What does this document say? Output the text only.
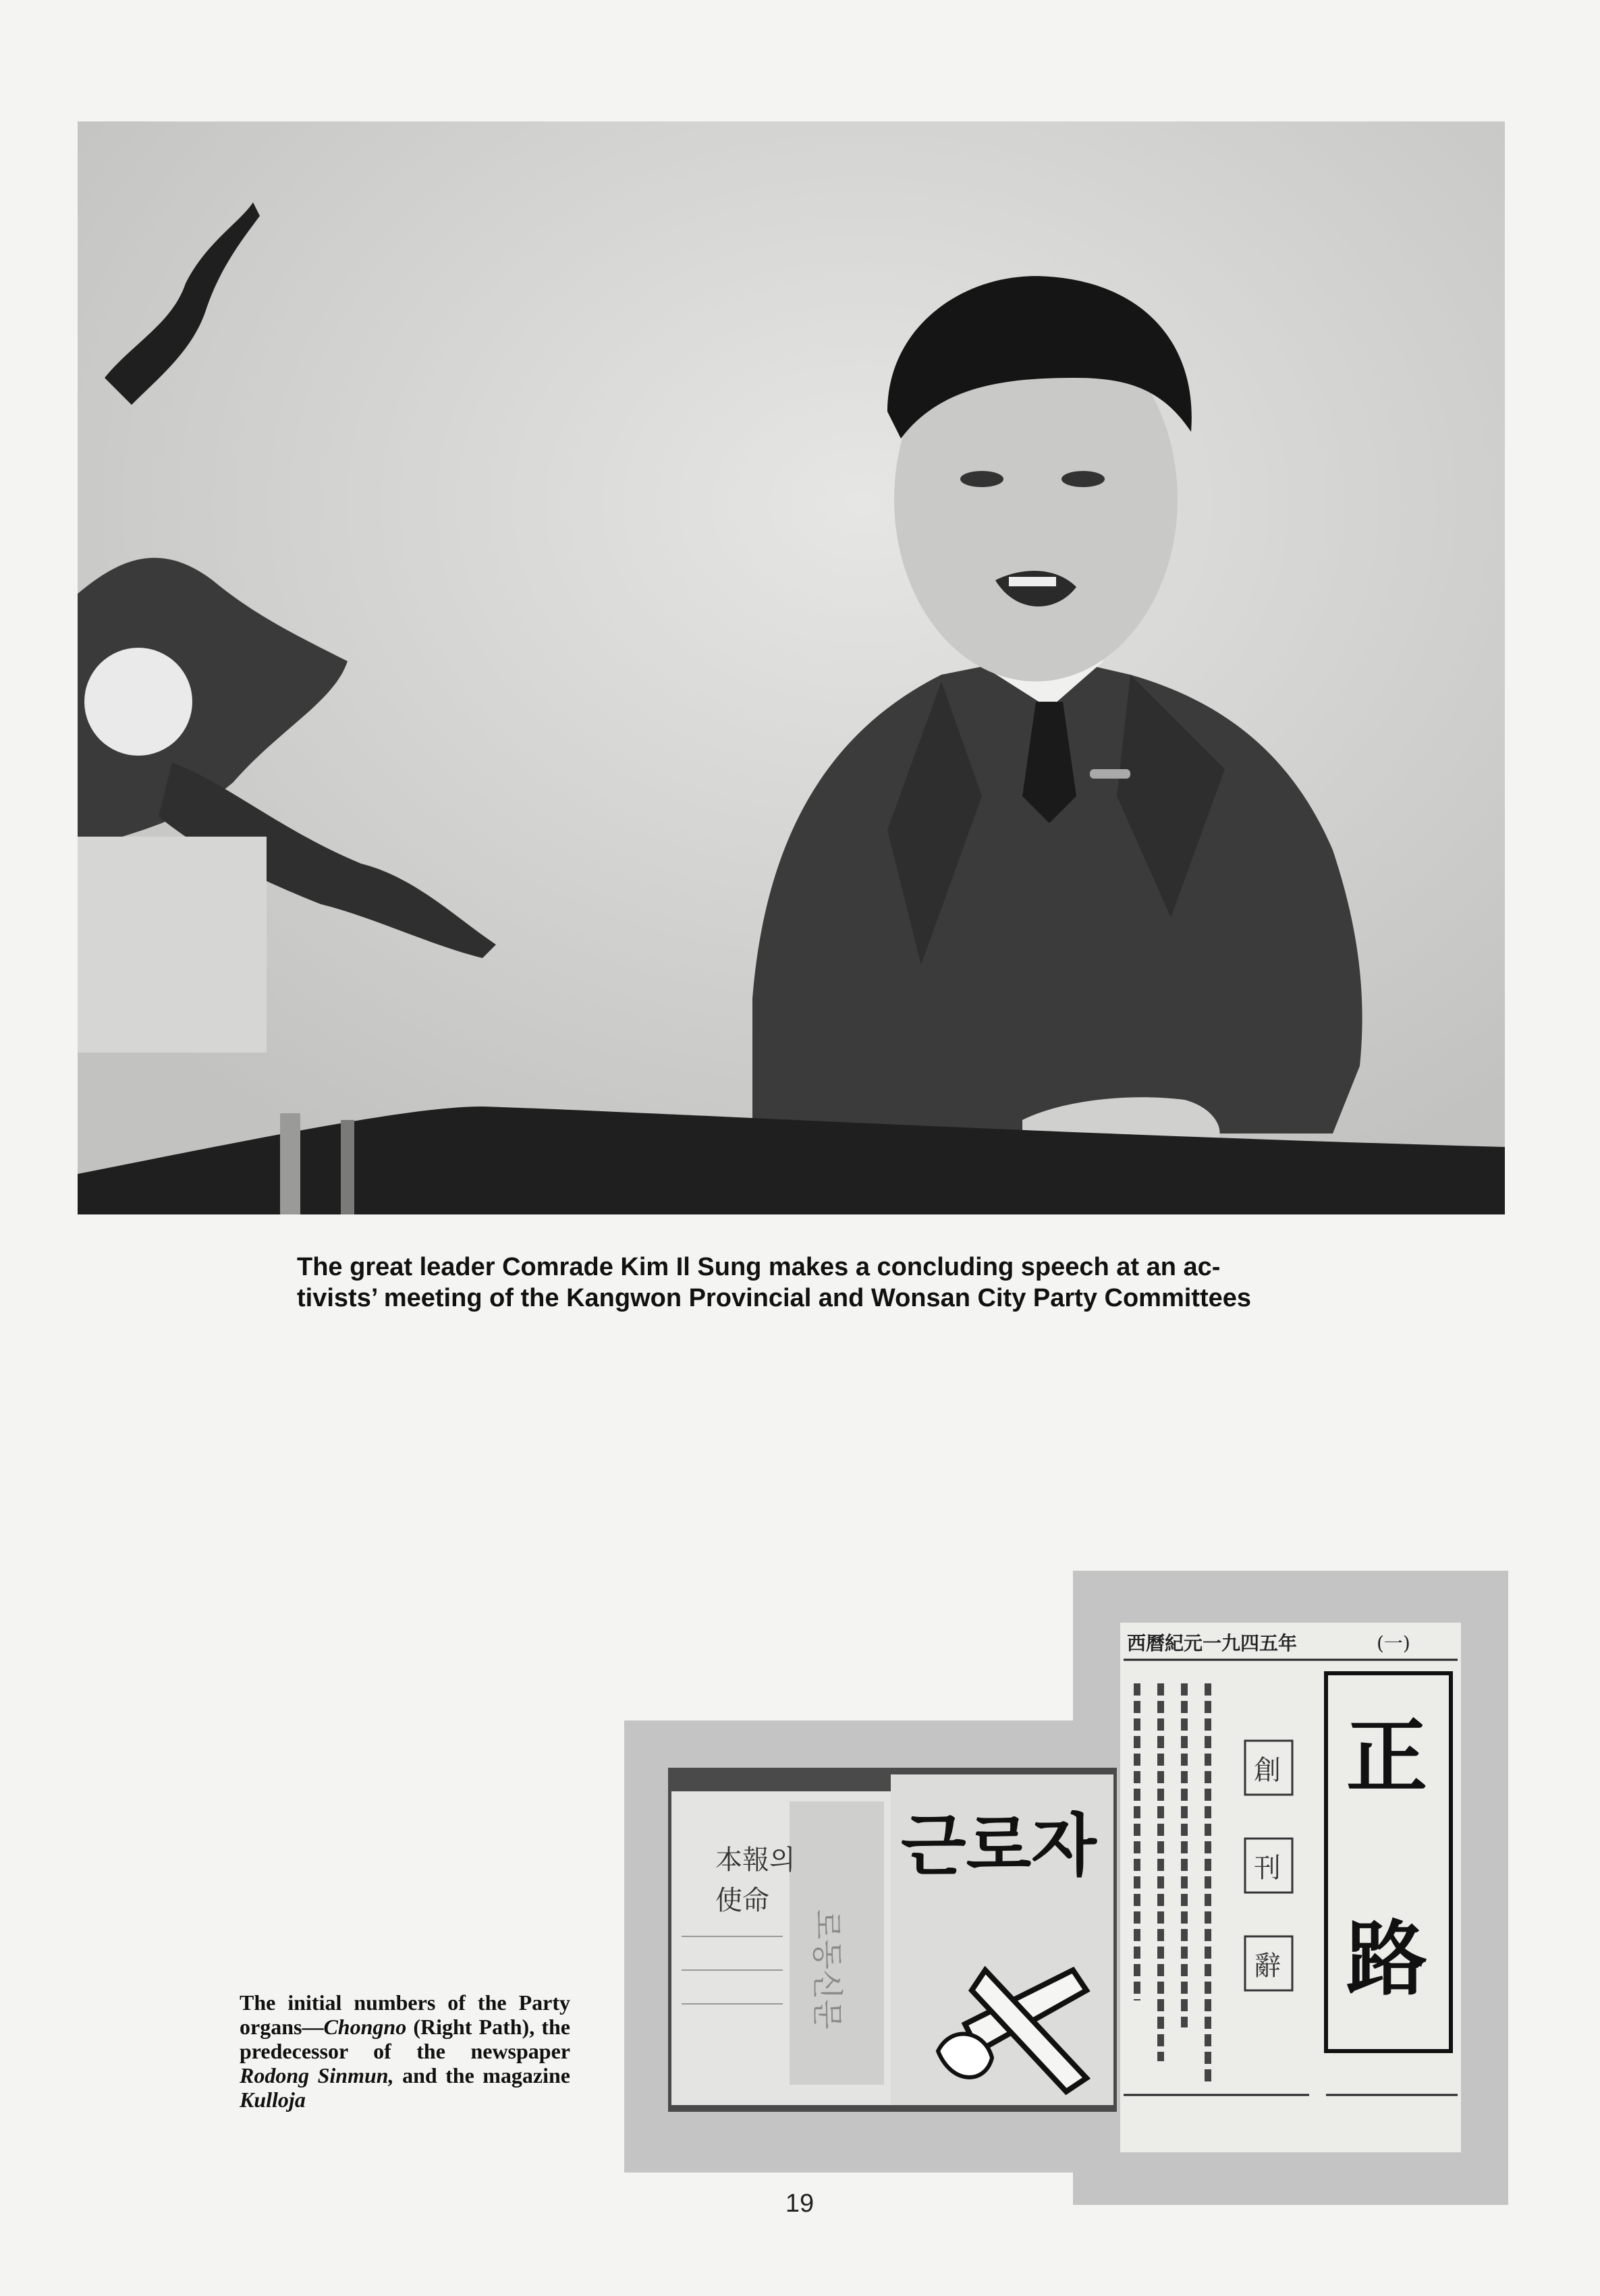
The great leader Comrade Kim Il Sung makes a concluding speech at an ac-
tivists’ meeting of the Kangwon Provincial and Wonsan City Party Committees
本報의
使命
로동신문
근로자
西曆紀元一九四五年	(一)
正
路
創
刊
辭
The initial numbers of the Party organs—Chongno (Right Path), the predecessor of the newspaper Rodong Sinmun, and the magazine Kulloja
19
